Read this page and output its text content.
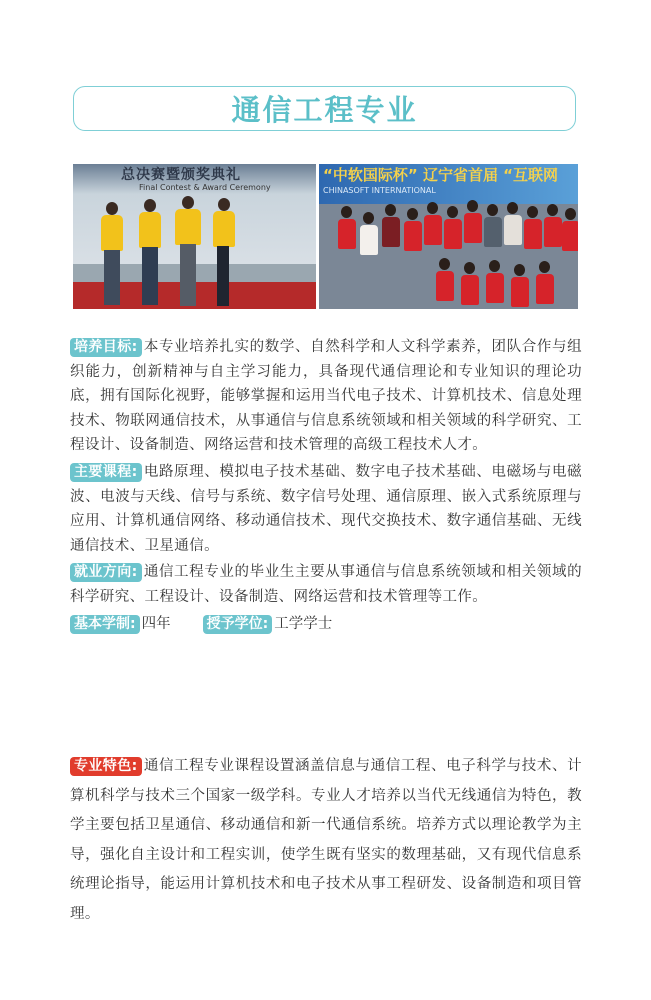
通信工程专业
总决赛暨颁奖典礼
Final Contest & Award Ceremony
“中软国际杯” 辽宁省首届 “互联网
CHINASOFT INTERNATIONAL
培养目标: 本专业培养扎实的数学、自然科学和人文科学素养，团队合作与组织能力，创新精神与自主学习能力，具备现代通信理论和专业知识的理论功底，拥有国际化视野，能够掌握和运用当代电子技术、计算机技术、信息处理技术、物联网通信技术，从事通信与信息系统领域和相关领域的科学研究、工程设计、设备制造、网络运营和技术管理的高级工程技术人才。
主要课程: 电路原理、模拟电子技术基础、数字电子技术基础、电磁场与电磁波、电波与天线、信号与系统、数字信号处理、通信原理、嵌入式系统原理与应用、计算机通信网络、移动通信技术、现代交换技术、数字通信基础、无线通信技术、卫星通信。
就业方向: 通信工程专业的毕业生主要从事通信与信息系统领域和相关领域的科学研究、工程设计、设备制造、网络运营和技术管理等工作。
基本学制: 四年	授予学位: 工学学士
专业特色: 通信工程专业课程设置涵盖信息与通信工程、电子科学与技术、计算机科学与技术三个国家一级学科。专业人才培养以当代无线通信为特色，教学主要包括卫星通信、移动通信和新一代通信系统。培养方式以理论教学为主导，强化自主设计和工程实训，使学生既有坚实的数理基础，又有现代信息系统理论指导，能运用计算机技术和电子技术从事工程研发、设备制造和项目管理。
